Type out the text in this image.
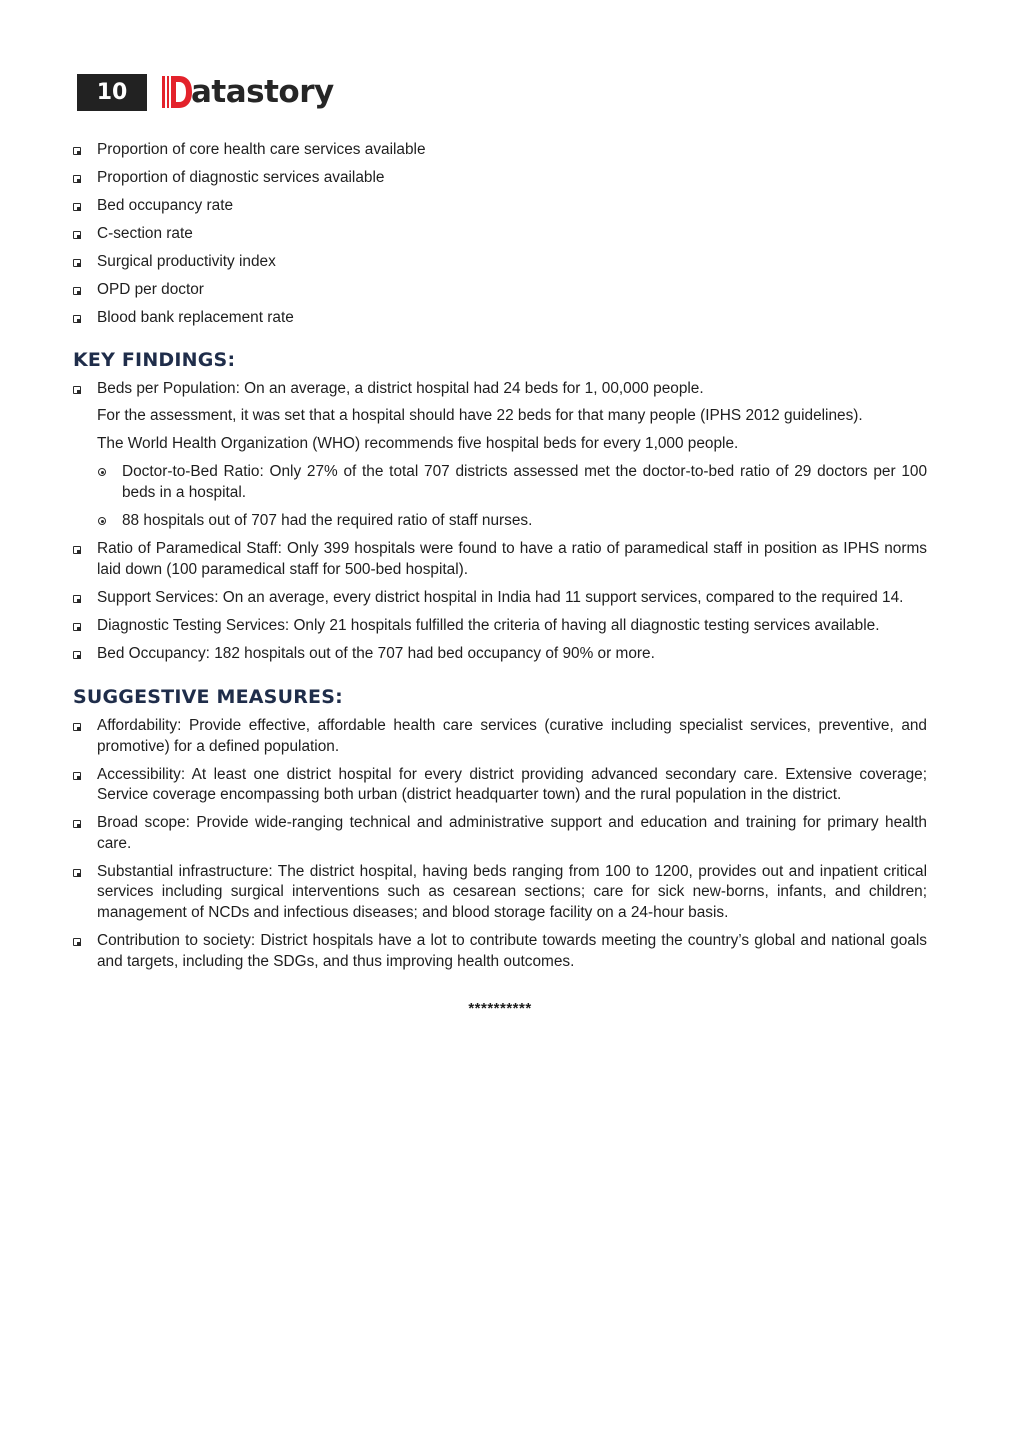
10	atastory
Proportion of core health care services available
Proportion of diagnostic services available
Bed occupancy rate
C-section rate
Surgical productivity index
OPD per doctor
Blood bank replacement rate
KEY FINDINGS:
Beds per Population: On an average, a district hospital had 24 beds for 1, 00,000 people.
For the assessment, it was set that a hospital should have 22 beds for that many people (IPHS 2012 guidelines).
The World Health Organization (WHO) recommends five hospital beds for every 1,000 people.
Doctor-to-Bed Ratio: Only 27% of the total 707 districts assessed met the doctor-to-bed ratio of 29 doctors per 100 beds in a hospital.
88 hospitals out of 707 had the required ratio of staff nurses.
Ratio of Paramedical Staff: Only 399 hospitals were found to have a ratio of paramedical staff in position as IPHS norms laid down (100 paramedical staff for 500-bed hospital).
Support Services: On an average, every district hospital in India had 11 support services, compared to the required 14.
Diagnostic Testing Services: Only 21 hospitals fulfilled the criteria of having all diagnostic testing services available.
Bed Occupancy: 182 hospitals out of the 707 had bed occupancy of 90% or more.
SUGGESTIVE MEASURES:
Affordability: Provide effective, affordable health care services (curative including specialist services, preventive, and promotive) for a defined population.
Accessibility: At least one district hospital for every district providing advanced secondary care. Extensive coverage; Service coverage encompassing both urban (district headquarter town) and the rural population in the district.
Broad scope: Provide wide-ranging technical and administrative support and education and training for primary health care.
Substantial infrastructure: The district hospital, having beds ranging from 100 to 1200, provides out and inpatient critical services including surgical interventions such as cesarean sections; care for sick new-borns, infants, and children; management of NCDs and infectious diseases; and blood storage facility on a 24-hour basis.
Contribution to society: District hospitals have a lot to contribute towards meeting the country’s global and national goals and targets, including the SDGs, and thus improving health outcomes.
**********
